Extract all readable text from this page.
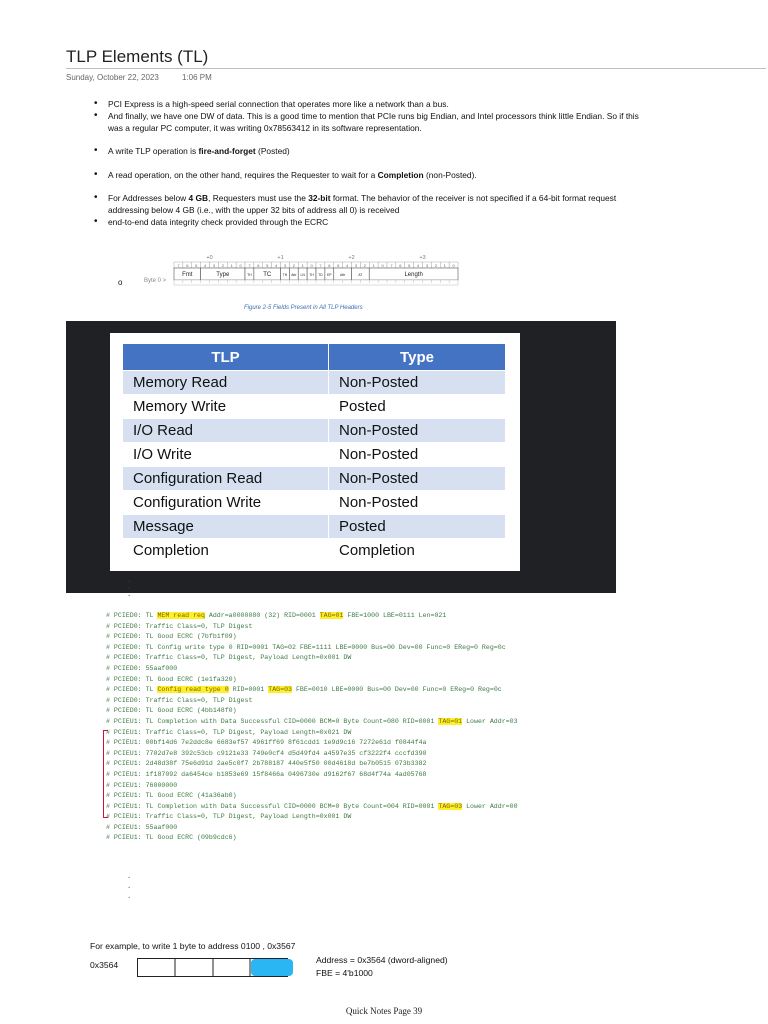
TLP Elements (TL)
Sunday, October 22, 2023	1:06 PM
• PCI Express is a high-speed serial connection that operates more like a network than a bus.
• And finally, we have one DW of data. This is a good time to mention that PCIe runs big Endian, and Intel processors think little Endian. So if this was a regular PC computer, it was writing 0x78563412 in its software representation.
• A write TLP operation is fire-and-forget (Posted)
• A read operation, on the other hand, requires the Requester to wait for a Completion (non-Posted).
• For Addresses below 4 GB, Requesters must use the 32-bit format. The behavior of the receiver is not specified if a 64-bit format request addressing below 4 GB (i.e., with the upper 32 bits of address all 0) is received
• end-to-end data integrity check provided through the ECRC
o	Byte 0 >
+0	+1	+2	+3
7 6 5 4 3 2 1 0 7 6 5 4 3 2 1 0 7 6 5 4 3 2 1 0 7 6 5 4 3 2 1 0
Fmt	Type	TH TC	TH Attr LN TH TD EP Attr	AT	Length
Figure 2-5 Fields Present in All TLP Headers
TLP	Type
Memory Read	Non-Posted
Memory Write	Posted
I/O Read	Non-Posted
I/O Write	Non-Posted
Configuration Read	Non-Posted
Configuration Write	Non-Posted
Message	Posted
Completion	Completion
.
.
.
# PCIED0: TL MEM read req Addr=a0000080 (32) RID=0001 TAG=01 FBE=1000 LBE=0111 Len=021
# PCIED0: Traffic Class=0, TLP Digest
# PCIED0: TL Good ECRC (7bfb1f09)
# PCIED0: TL Config write type 0 RID=0001 TAG=02 FBE=1111 LBE=0000 Bus=00 Dev=00 Func=0 EReg=0 Reg=0c
# PCIED0: Traffic Class=0, TLP Digest, Payload Length=0x001 DW
# PCIED0: 55aaf000
# PCIED0: TL Good ECRC (1e1fa320)
# PCIED0: TL Config read type 0 RID=0001 TAG=03 FBE=0010 LBE=0000 Bus=00 Dev=00 Func=0 EReg=0 Reg=0c
# PCIED0: Traffic Class=0, TLP Digest
# PCIED0: TL Good ECRC (4bb148f0)
# PCIEU1: TL Completion with Data Successful CID=0000 BCM=0 Byte Count=080 RID=0001 TAG=01 Lower Addr=03
# PCIEU1: Traffic Class=0, TLP Digest, Payload Length=0x021 DW
# PCIEU1: 00bf14d6 7e2ddc8e 6683ef57 4961ff69 8f61cdd1 1e9d9c16 7272e61d f0844f4a
# PCIEU1: 7702d7e8 392c53cb c9121e33 749e0cf4 d5d49fd4 a4597e35 cf3222f4 cccfd390
# PCIEU1: 2d48d38f 75e6d91d 2ae5c0f7 2b788187 440e5f50 00d4618d be7b0515 073b3382
# PCIEU1: 1f187092 da6454ce b1853e69 15f8466a 0496730e d9162f67 68d4f74a 4ad05768
# PCIEU1: 76000000
# PCIEU1: TL Good ECRC (41a36ab0)
# PCIEU1: TL Completion with Data Successful CID=0000 BCM=0 Byte Count=004 RID=0001 TAG=03 Lower Addr=00
# PCIEU1: Traffic Class=0, TLP Digest, Payload Length=0x001 DW
# PCIEU1: 55aaf000
# PCIEU1: TL Good ECRC (09b9cdc6)
.
.
.
For example, to write 1 byte to address 0100 , 0x3567
0x3564	Address = 0x3564 (dword-aligned)
FBE = 4'b1000
Quick Notes Page 39
